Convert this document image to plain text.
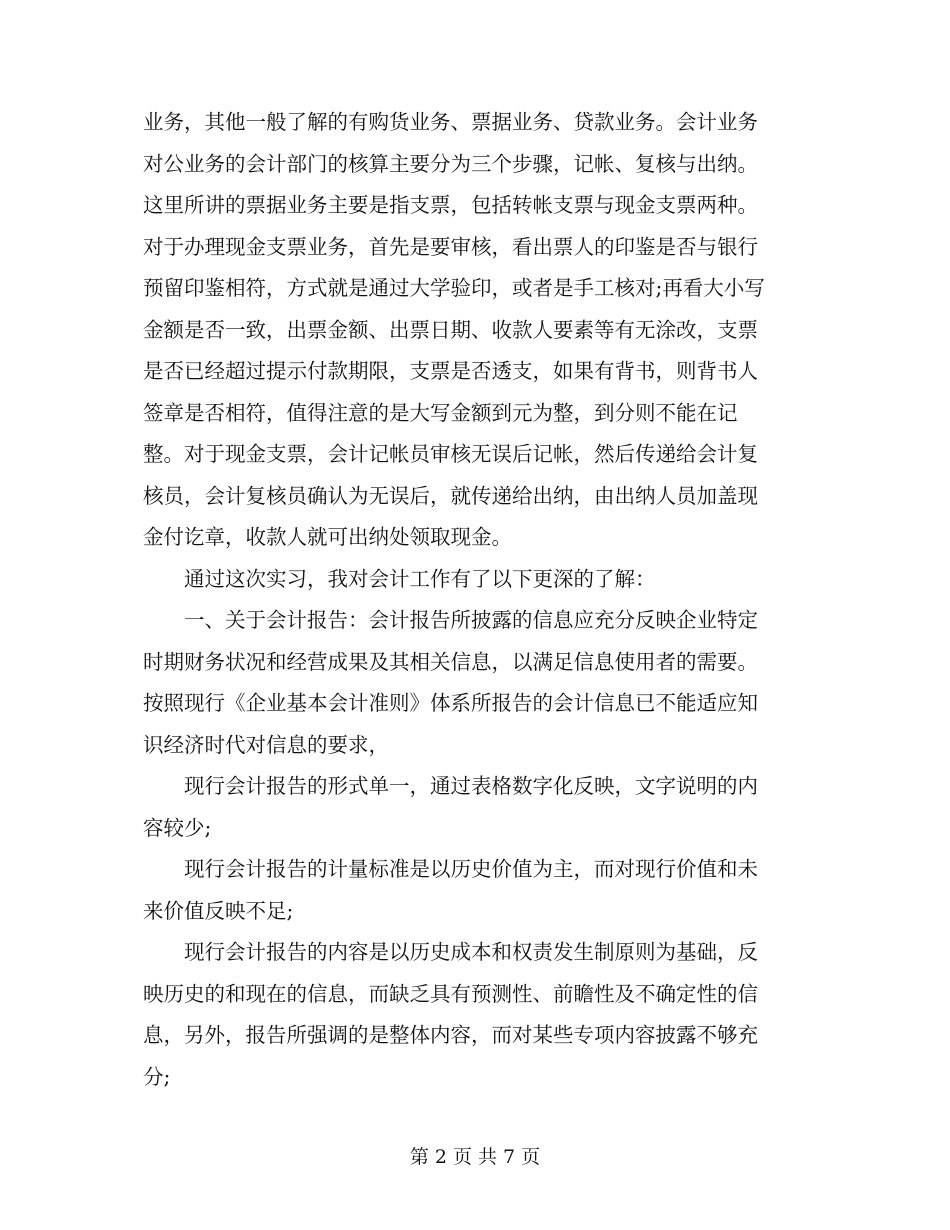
业务，其他一般了解的有购货业务、票据业务、贷款业务。会计业务
对公业务的会计部门的核算主要分为三个步骤，记帐、复核与出纳。
这里所讲的票据业务主要是指支票，包括转帐支票与现金支票两种。
对于办理现金支票业务，首先是要审核，看出票人的印鉴是否与银行
预留印鉴相符，方式就是通过大学验印，或者是手工核对;再看大小写
金额是否一致，出票金额、出票日期、收款人要素等有无涂改，支票
是否已经超过提示付款期限，支票是否透支，如果有背书，则背书人
签章是否相符，值得注意的是大写金额到元为整，到分则不能在记
整。对于现金支票，会计记帐员审核无误后记帐，然后传递给会计复
核员，会计复核员确认为无误后，就传递给出纳，由出纳人员加盖现
金付讫章，收款人就可出纳处领取现金。
　　通过这次实习，我对会计工作有了以下更深的了解：
　　一、关于会计报告：会计报告所披露的信息应充分反映企业特定
时期财务状况和经营成果及其相关信息，以满足信息使用者的需要。
按照现行《企业基本会计准则》体系所报告的会计信息已不能适应知
识经济时代对信息的要求，
　　现行会计报告的形式单一，通过表格数字化反映，文字说明的内
容较少;
　　现行会计报告的计量标准是以历史价值为主，而对现行价值和未
来价值反映不足;
　　现行会计报告的内容是以历史成本和权责发生制原则为基础，反
映历史的和现在的信息，而缺乏具有预测性、前瞻性及不确定性的信
息，另外，报告所强调的是整体内容，而对某些专项内容披露不够充
分;
第 2 页 共 7 页
